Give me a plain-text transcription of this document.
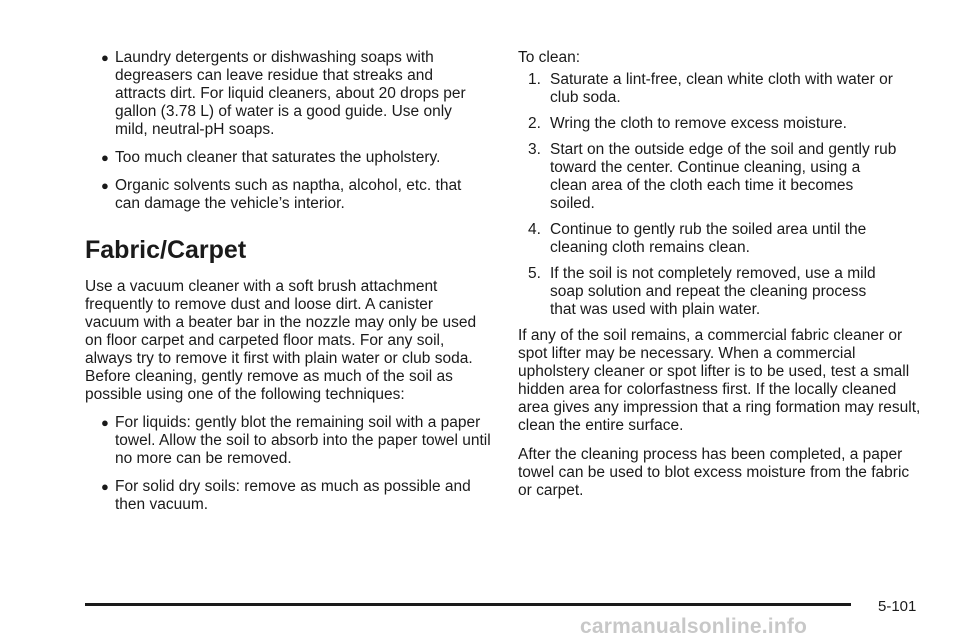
● Laundry detergents or dishwashing soaps with degreasers can leave residue that streaks and attracts dirt. For liquid cleaners, about 20 drops per gallon (3.78 L) of water is a good guide. Use only mild, neutral-pH soaps.
● Too much cleaner that saturates the upholstery.
● Organic solvents such as naptha, alcohol, etc. that can damage the vehicle’s interior.
Fabric/Carpet

Use a vacuum cleaner with a soft brush attachment frequently to remove dust and loose dirt. A canister vacuum with a beater bar in the nozzle may only be used on floor carpet and carpeted floor mats. For any soil, always try to remove it first with plain water or club soda. Before cleaning, gently remove as much of the soil as possible using one of the following techniques:

● For liquids: gently blot the remaining soil with a paper towel. Allow the soil to absorb into the paper towel until no more can be removed.
● For solid dry soils: remove as much as possible and then vacuum.

To clean:

1. Saturate a lint-free, clean white cloth with water or club soda.
2. Wring the cloth to remove excess moisture.
3. Start on the outside edge of the soil and gently rub toward the center. Continue cleaning, using a clean area of the cloth each time it becomes soiled.
4. Continue to gently rub the soiled area until the cleaning cloth remains clean.
5. If the soil is not completely removed, use a mild soap solution and repeat the cleaning process that was used with plain water.

If any of the soil remains, a commercial fabric cleaner or spot lifter may be necessary. When a commercial upholstery cleaner or spot lifter is to be used, test a small hidden area for colorfastness first. If the locally cleaned area gives any impression that a ring formation may result, clean the entire surface.

After the cleaning process has been completed, a paper towel can be used to blot excess moisture from the fabric or carpet.

5-101
carmanualsonline.info
